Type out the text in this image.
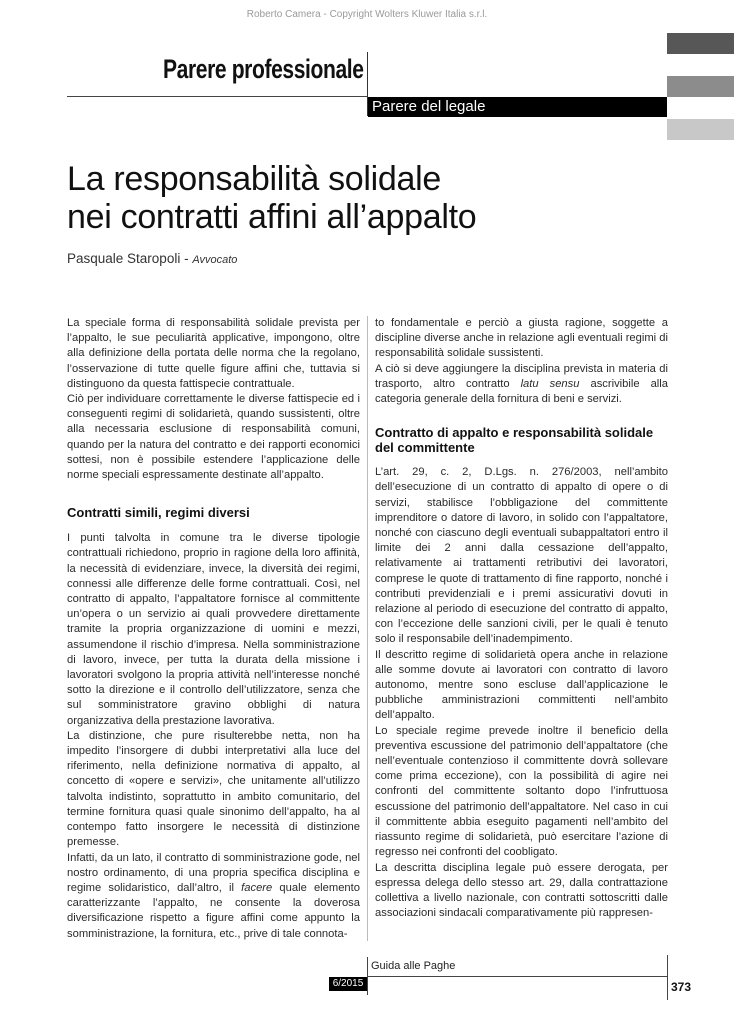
Roberto Camera - Copyright Wolters Kluwer Italia s.r.l.
Parere professionale
Parere del legale
La responsabilità solidale
nei contratti affini all’appalto
Pasquale Staropoli - Avvocato

La speciale forma di responsabilità solidale prevista per l’appalto, le sue peculiarità applicative, impongono, oltre alla definizione della portata delle norma che la regolano, l’osservazione di tutte quelle figure affini che, tuttavia si distinguono da questa fattispecie contrattuale.

Ciò per individuare correttamente le diverse fattispecie ed i conseguenti regimi di solidarietà, quando sussistenti, oltre alla necessaria esclusione di responsabilità comuni, quando per la natura del contratto e dei rapporti economici sottesi, non è possibile estendere l’applicazione delle norme speciali espressamente destinate all’appalto.

Contratti simili, regimi diversi

I punti talvolta in comune tra le diverse tipologie contrattuali richiedono, proprio in ragione della loro affinità, la necessità di evidenziare, invece, la diversità dei regimi, connessi alle differenze delle forme contrattuali. Così, nel contratto di appalto, l’appaltatore fornisce al committente un’opera o un servizio ai quali provvedere direttamente tramite la propria organizzazione di uomini e mezzi, assumendone il rischio d’impresa. Nella somministrazione di lavoro, invece, per tutta la durata della missione i lavoratori svolgono la propria attività nell’interesse nonché sotto la direzione e il controllo dell’utilizzatore, senza che sul somministratore gravino obblighi di natura organizzativa della prestazione lavorativa.

La distinzione, che pure risulterebbe netta, non ha impedito l’insorgere di dubbi interpretativi alla luce del riferimento, nella definizione normativa di appalto, al concetto di «opere e servizi», che unitamente all’utilizzo talvolta indistinto, soprattutto in ambito comunitario, del termine fornitura quasi quale sinonimo dell’appalto, ha al contempo fatto insorgere le necessità di distinzione premesse.

Infatti, da un lato, il contratto di somministrazione gode, nel nostro ordinamento, di una propria specifica disciplina e regime solidaristico, dall’altro, il facere quale elemento caratterizzante l’appalto, ne consente la doverosa diversificazione rispetto a figure affini come appunto la somministrazione, la fornitura, etc., prive di tale connota-

to fondamentale e perciò a giusta ragione, soggette a discipline diverse anche in relazione agli eventuali regimi di responsabilità solidale sussistenti.

A ciò si deve aggiungere la disciplina prevista in materia di trasporto, altro contratto latu sensu ascrivibile alla categoria generale della fornitura di beni e servizi.

Contratto di appalto e responsabilità solidale del committente

L’art. 29, c. 2, D.Lgs. n. 276/2003, nell’ambito dell’esecuzione di un contratto di appalto di opere o di servizi, stabilisce l’obbligazione del committente imprenditore o datore di lavoro, in solido con l’appaltatore, nonché con ciascuno degli eventuali subappaltatori entro il limite dei 2 anni dalla cessazione dell’appalto, relativamente ai trattamenti retributivi dei lavoratori, comprese le quote di trattamento di fine rapporto, nonché i contributi previdenziali e i premi assicurativi dovuti in relazione al periodo di esecuzione del contratto di appalto, con l’eccezione delle sanzioni civili, per le quali è tenuto solo il responsabile dell’inadempimento.

Il descritto regime di solidarietà opera anche in relazione alle somme dovute ai lavoratori con contratto di lavoro autonomo, mentre sono escluse dall’applicazione le pubbliche amministrazioni committenti nell’ambito dell’appalto.

Lo speciale regime prevede inoltre il beneficio della preventiva escussione del patrimonio dell’appaltatore (che nell’eventuale contenzioso il committente dovrà sollevare come prima eccezione), con la possibilità di agire nei confronti del committente soltanto dopo l’infruttuosa escussione del patrimonio dell’appaltatore. Nel caso in cui il committente abbia eseguito pagamenti nell’ambito del riassunto regime di solidarietà, può esercitare l’azione di regresso nei confronti del coobligato.

La descritta disciplina legale può essere derogata, per espressa delega dello stesso art. 29, dalla contrattazione collettiva a livello nazionale, con contratti sottoscritti dalle associazioni sindacali comparativamente più rappresen-

Guida alle Paghe
6/2015	373
